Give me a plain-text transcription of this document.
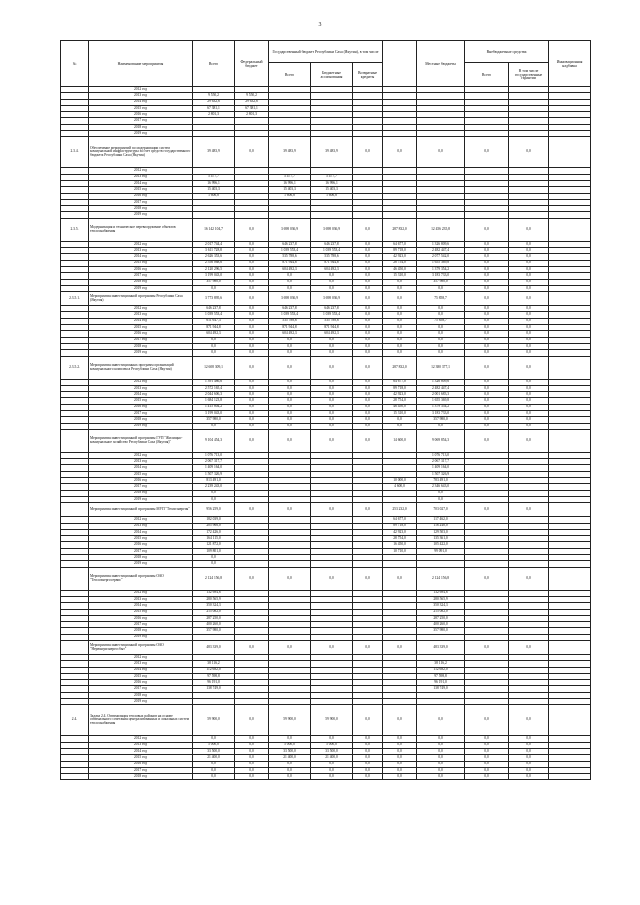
3
№	Наименование мероприятия	Всего	Федеральный бюджет	Государственный бюджет Республики Саха (Якутия), в том числе				Местные бюджеты	Внебюджетные средства		Инновационная надбавка
				Всего	Бюджетные ассигнования	Возвратные кредиты			Всего	В том числе государственные гарантии	

	2012 год										
	2013 год	9 550,2	9 550,2								
	2014 год	29 632,6	29 632,6								
	2015 год	67 381,1	67 381,1								
	2016 год	2 801,3	2 801,3								
	2017 год										
	2018 год										
	2019 год										
2.3.4.	Обеспечение мероприятий по модернизации систем коммунальной инфраструктуры за счет средств государственного бюджета Республики Саха (Якутия)	39 483,9	0,0	39 483,9	39 483,9	0,0	0,0	0,0	0,0	0,0	
	2012 год										
	2013 год	5 477,7		5 477,7	5 477,7						
	2014 год	16 996,1		16 996,1	16 996,1						
	2015 год	15 403,3		15 403,3	15 403,3						
	2016 год	1 606,8		1 606,8	1 606,8						
	2017 год										
	2018 год										
	2019 год										
2.3.5.	Модернизация и техническое перевооружение объектов теплоснабжения	16 142 104,7	0,0	3 698 036,9	3 698 036,9	0,0	287 832,0	12 456 235,8	0,0	0,0	
	2012 год	2 017 744,4	0,0	646 237,8	646 237,8	0,0	64 677,0	1 326 809,6	0,0	0,0	
	2013 год	3 611 728,8	0,0	1 039 553,4	1 039 553,4	0,0	89 718,0	2 482 447,4	0,0	0,0	
	2014 год	2 626 353,6	0,0	535 788,6	535 788,6	0,0	42 923,0	2 077 542,0	0,0	0,0	
	2015 год	2 556 068,6	0,0	871 944,8	871 944,8	0,0	28 754,0	1 655 369,8	0,0	0,0	
	2016 год	2 120 296,5	0,0	604 492,3	604 492,3	0,0	46 450,0	1 379 354,2	0,0	0,0	
	2017 год	3 199 043,0	0,0	0,0	0,0	0,0	15 310,0	3 183 733,0	0,0	0,0	
	2018 год	357 980,0	0,0	0,0	0,0	0,0	0,0	357 980,0	0,0	0,0	
	2019 год	0,0	0,0	0,0	0,0	0,0	0,0	0,0	0,0	0,0	
2.3.5.1.	Мероприятия инвестиционной программы Республики Саха (Якутия)	3 773 895,6	0,0	3 698 036,9	3 698 036,9	0,0	0,0	75 858,7	0,0	0,0	
	2012 год	646 237,8	0,0	646 237,8	646 237,8	0,0	0,0	0,0	0,0	0,0	
	2013 год	1 039 553,4	0,0	1 039 553,4	1 039 553,4	0,0	0,0	0,0	0,0	0,0	
	2014 год	611 647,3	0,0	535 788,6	535 788,6	0,0	0,0	75 858,7	0,0	0,0	
	2015 год	871 944,8	0,0	871 944,8	871 944,8	0,0	0,0	0,0	0,0	0,0	
	2016 год	604 492,3	0,0	604 492,3	604 492,3	0,0	0,0	0,0	0,0	0,0	
	2017 год	0,0	0,0	0,0	0,0	0,0	0,0	0,0	0,0	0,0	
	2018 год	0,0	0,0	0,0	0,0	0,0	0,0	0,0	0,0	0,0	
	2019 год	0,0	0,0	0,0	0,0	0,0	0,0	0,0	0,0	0,0	
2.3.5.2.	Мероприятия инвестиционных программ организаций коммунального комплекса Республики Саха (Якутия)	12 608 309,1	0,0	0,0	0,0	0,0	287 832,0	12 380 377,1	0,0	0,0	
	2012 год	1 391 486,6	0,0	0,0	0,0	0,0	64 677,0	1 326 809,6	0,0	0,0	
	2013 год	2 572 165,4	0,0	0,0	0,0	0,0	89 718,0	2 482 447,4	0,0	0,0	
	2014 год	2 044 606,3	0,0	0,0	0,0	0,0	42 923,0	2 001 683,3	0,0	0,0	
	2015 год	1 684 123,8	0,0	0,0	0,0	0,0	28 754,0	1 655 369,8	0,0	0,0	
	2016 год	1 415 804,2	0,0	0,0	0,0	0,0	46 450,0	1 379 354,2	0,0	0,0	
	2017 год	3 199 043,0	0,0	0,0	0,0	0,0	15 310,0	3 183 733,0	0,0	0,0	
	2018 год	357 980,0	0,0	0,0	0,0	0,0	0,0	357 980,0	0,0	0,0	
	2019 год	0,0	0,0	0,0	0,0	0,0	0,0	0,0	0,0	0,0	
	Мероприятия инвестиционной программы ГУП "Жилищно-коммунальное хозяйство Республики Саха (Якутия)"	9 104 454,3	0,0	0,0	0,0	0,0	14 600,0	9 069 854,3	0,0	0,0	
	2012 год	1 076 713,0						1 076 713,0			
	2013 год	2 067 317,7						2 067 317,7			
	2014 год	1 409 164,0						1 409 164,0			
	2015 год	1 507 326,9						1 507 326,9			
	2016 год	813 491,0					10 000,0	783 491,0			
	2017 год	2 239 243,0					4 600,0	2 346 643,0			
	2018 год	0,0						0,0			
	2019 год	0,0						0,0			
	Мероприятия инвестиционной программы МУП "Теплоэнергия"	956 259,0	0,0	0,0	0,0	0,0	253 232,0	703 027,0	0,0	0,0	
	2012 год	182 039,0					64 677,0	117 462,0			
	2013 год	205 966,0					89 718,0	116 248,0			
	2014 год	172 426,0					42 923,0	129 503,0			
	2015 год	164 115,0					28 754,0	135 361,0			
	2016 год	121 872,0					16 450,0	105 422,0			
	2017 год	109 801,0					10 710,0	99 091,0			
	2018 год	0,0									
	2019 год	0,0									
	Мероприятия инвестиционной программы ОАО "Теплоэнергосервис"	2 124 156,8	0,0	0,0	0,0	0,0	0,0	2 124 156,8	0,0	0,0	
	2012 год	132 694,6						132 694,6			
	2013 год	280 565,9						280 565,9			
	2014 год	350 324,3						350 324,3			
	2015 год	215 082,0						215 082,0			
	2016 год	287 250,0						287 250,0			
	2017 год	400 260,0						400 260,0			
	2018 год	357 980,0						357 980,0			
	2019 год										
	Мероприятия инвестиционной программы ОАО "Нерюнгриэнергосбыт"	483 339,0	0,0	0,0	0,0	0,0	0,0	483 339,0	0,0	0,0	
	2012 год										
	2013 год	38 116,2						38 116,2			
	2014 год	112 682,0						112 682,0			
	2015 год	97 598,8						97 598,8			
	2016 год	96 191,0						96 191,0			
	2017 год	138 749,0						138 749,0			
	2018 год										
	2019 год										
2.4.	Задача 2.4. Оптимизация тепловых районов на основе оптимального сочетания централизованных и локальных систем теплоснабжения	59 900,0	0,0	59 900,0	59 900,0	0,0	0,0	0,0	0,0	0,0	
	2012 год	0,0	0,0	0,0	0,0	0,0	0,0	0,0	0,0	0,0	
	2013 год	5 000,0	0,0	5 000,0	5 000,0	0,0	0,0	0,0	0,0	0,0	
	2014 год	33 500,0	0,0	33 500,0	33 500,0	0,0	0,0	0,0	0,0	0,0	
	2015 год	21 400,0	0,0	21 400,0	21 400,0	0,0	0,0	0,0	0,0	0,0	
	2016 год	0,0	0,0	0,0	0,0	0,0	0,0	0,0	0,0	0,0	
	2017 год	0,0	0,0	0,0	0,0	0,0	0,0	0,0	0,0	0,0	
	2018 год	0,0	0,0	0,0	0,0	0,0	0,0	0,0	0,0	0,0	
